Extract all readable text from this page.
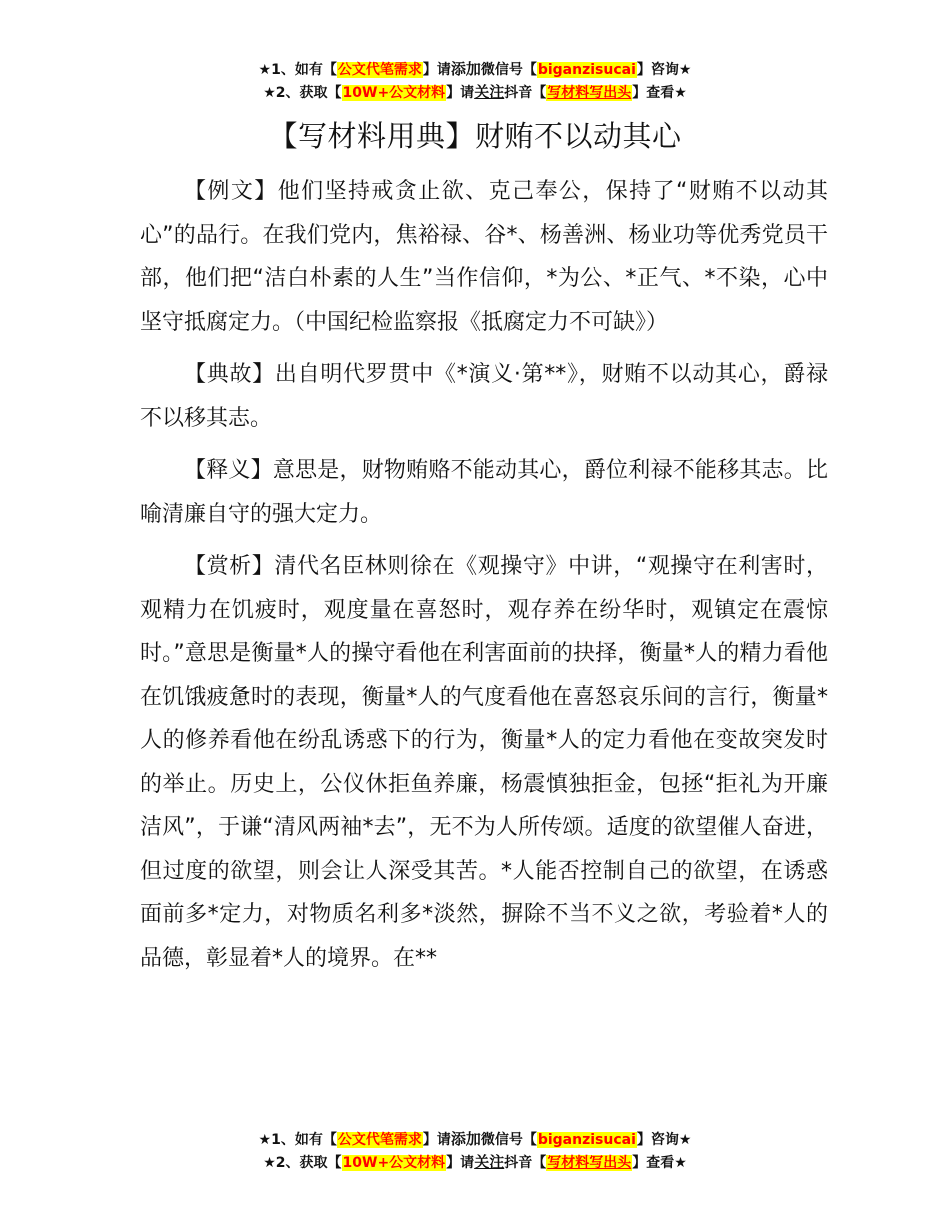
★1、如有【公文代笔需求】请添加微信号【biganzisucai】咨询★
★2、获取【10W+公文材料】请关注抖音【写材料写出头】查看★
【写材料用典】财贿不以动其心

【例文】他们坚持戒贪止欲、克己奉公，保持了“财贿不以动其心”的品行。在我们党内，焦裕禄、谷*、杨善洲、杨业功等优秀党员干部，他们把“洁白朴素的人生”当作信仰，*为公、*正气、*不染，心中坚守抵腐定力。（中国纪检监察报《抵腐定力不可缺》）

【典故】出自明代罗贯中《*演义·第**》，财贿不以动其心，爵禄不以移其志。

【释义】意思是，财物贿赂不能动其心，爵位利禄不能移其志。比喻清廉自守的强大定力。

【赏析】清代名臣林则徐在《观操守》中讲，“观操守在利害时，观精力在饥疲时，观度量在喜怒时，观存养在纷华时，观镇定在震惊时。”意思是衡量*人的操守看他在利害面前的抉择，衡量*人的精力看他在饥饿疲惫时的表现，衡量*人的气度看他在喜怒哀乐间的言行，衡量*人的修养看他在纷乱诱惑下的行为，衡量*人的定力看他在变故突发时的举止。历史上，公仪休拒鱼养廉，杨震慎独拒金，包拯“拒礼为开廉洁风”，于谦“清风两袖*去”，无不为人所传颂。适度的欲望催人奋进，但过度的欲望，则会让人深受其苦。*人能否控制自己的欲望，在诱惑面前多*定力，对物质名利多*淡然，摒除不当不义之欲，考验着*人的品德，彰显着*人的境界。在**

★1、如有【公文代笔需求】请添加微信号【biganzisucai】咨询★
★2、获取【10W+公文材料】请关注抖音【写材料写出头】查看★
